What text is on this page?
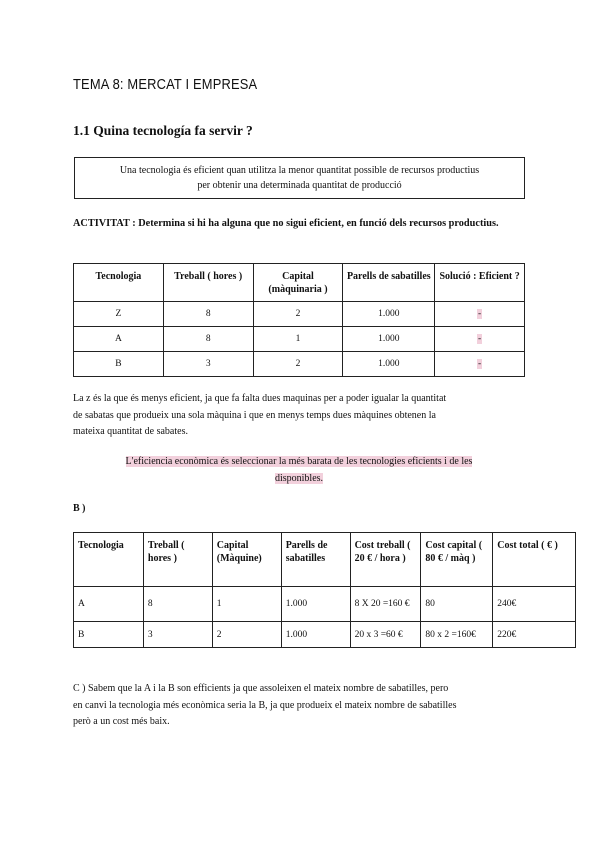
TEMA 8: MERCAT I EMPRESA
1.1 Quina tecnología fa servir ?
Una tecnologia és eficient quan utilitza la menor quantitat possible de recursos productius
per obtenir una determinada quantitat de producció
ACTIVITAT : Determina si hi ha alguna que no sigui eficient, en funció dels recursos productius.
Tecnologia	Treball ( hores )	Capital (màquinaria )	Parells de sabatilles	Solució : Eficient ?
Z	8	2	1.000	-
A	8	1	1.000	-
B	3	2	1.000	-
La z és la que és menys eficient, ja que fa falta dues maquinas per a poder igualar la quantitat
de sabatas que produeix una sola màquina i que en menys temps dues màquines obtenen la
mateixa quantitat de sabates.
L'eficiencia econòmica és seleccionar la més barata de les tecnologies eficients i de les
disponibles.
B )
Tecnologia	Treball ( hores )	Capital (Màquine)	Parells de sabatilles	Cost treball ( 20 € / hora )	Cost capital ( 80 € / màq )	Cost total ( € )
A	8	1	1.000	8 X 20 =160 €	80	240€
B	3	2	1.000	20 x 3 =60 €	80 x 2 =160€	220€
C ) Sabem que la A i la B son efficients ja que assoleixen el mateix nombre de sabatilles, pero
en canvi la tecnologia més econòmica seria la B, ja que produeix el mateix nombre de sabatilles
però a un cost més baix.
